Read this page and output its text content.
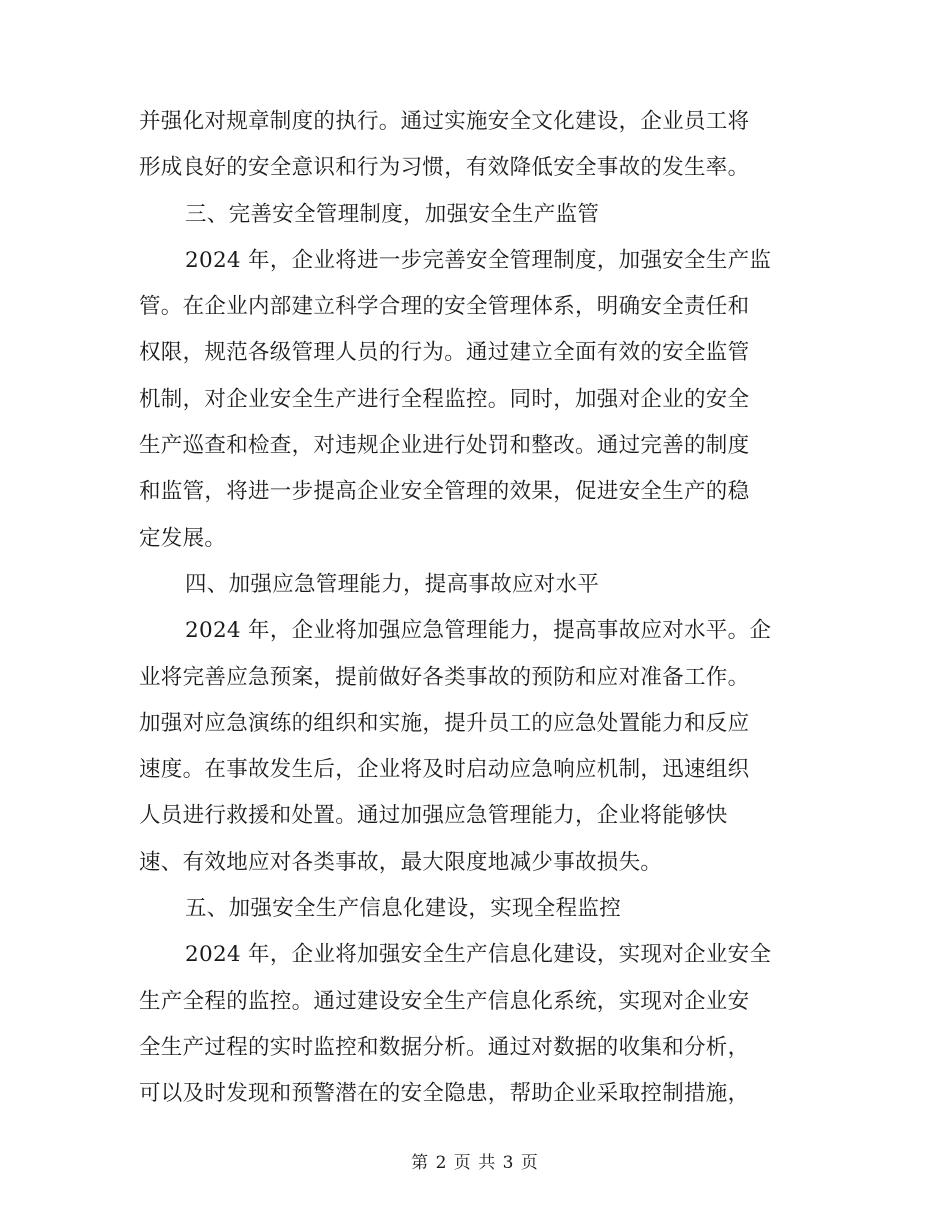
并强化对规章制度的执行。通过实施安全文化建设，企业员工将
形成良好的安全意识和行为习惯，有效降低安全事故的发生率。
三、完善安全管理制度，加强安全生产监管
2024 年，企业将进一步完善安全管理制度，加强安全生产监
管。在企业内部建立科学合理的安全管理体系，明确安全责任和
权限，规范各级管理人员的行为。通过建立全面有效的安全监管
机制，对企业安全生产进行全程监控。同时，加强对企业的安全
生产巡查和检查，对违规企业进行处罚和整改。通过完善的制度
和监管，将进一步提高企业安全管理的效果，促进安全生产的稳
定发展。
四、加强应急管理能力，提高事故应对水平
2024 年，企业将加强应急管理能力，提高事故应对水平。企
业将完善应急预案，提前做好各类事故的预防和应对准备工作。
加强对应急演练的组织和实施，提升员工的应急处置能力和反应
速度。在事故发生后，企业将及时启动应急响应机制，迅速组织
人员进行救援和处置。通过加强应急管理能力，企业将能够快
速、有效地应对各类事故，最大限度地减少事故损失。
五、加强安全生产信息化建设，实现全程监控
2024 年，企业将加强安全生产信息化建设，实现对企业安全
生产全程的监控。通过建设安全生产信息化系统，实现对企业安
全生产过程的实时监控和数据分析。通过对数据的收集和分析，
可以及时发现和预警潜在的安全隐患，帮助企业采取控制措施，
第 2 页 共 3 页
